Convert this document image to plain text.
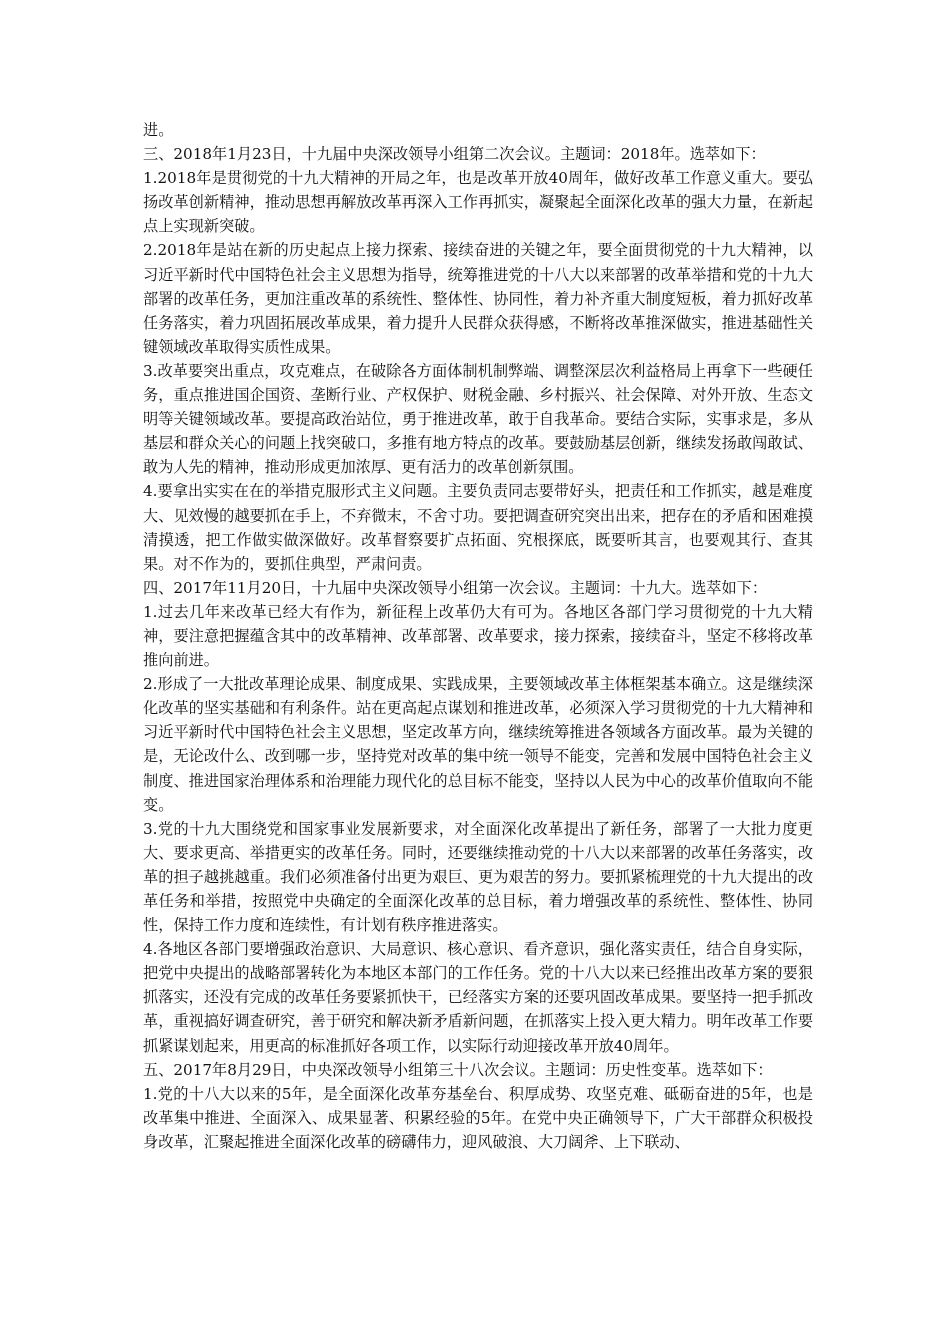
进。

三、2018年1月23日，十九届中央深改领导小组第二次会议。主题词：2018年。选萃如下：

1.2018年是贯彻党的十九大精神的开局之年，也是改革开放40周年，做好改革工作意义重大。要弘扬改革创新精神，推动思想再解放改革再深入工作再抓实，凝聚起全面深化改革的强大力量，在新起点上实现新突破。

2.2018年是站在新的历史起点上接力探索、接续奋进的关键之年，要全面贯彻党的十九大精神，以习近平新时代中国特色社会主义思想为指导，统筹推进党的十八大以来部署的改革举措和党的十九大部署的改革任务，更加注重改革的系统性、整体性、协同性，着力补齐重大制度短板，着力抓好改革任务落实，着力巩固拓展改革成果，着力提升人民群众获得感，不断将改革推深做实，推进基础性关键领域改革取得实质性成果。

3.改革要突出重点，攻克难点，在破除各方面体制机制弊端、调整深层次利益格局上再拿下一些硬任务，重点推进国企国资、垄断行业、产权保护、财税金融、乡村振兴、社会保障、对外开放、生态文明等关键领域改革。要提高政治站位，勇于推进改革，敢于自我革命。要结合实际，实事求是，多从基层和群众关心的问题上找突破口，多推有地方特点的改革。要鼓励基层创新，继续发扬敢闯敢试、敢为人先的精神，推动形成更加浓厚、更有活力的改革创新氛围。

4.要拿出实实在在的举措克服形式主义问题。主要负责同志要带好头，把责任和工作抓实，越是难度大、见效慢的越要抓在手上，不弃微末，不舍寸功。要把调查研究突出出来，把存在的矛盾和困难摸清摸透，把工作做实做深做好。改革督察要扩点拓面、究根探底，既要听其言，也要观其行、查其果。对不作为的，要抓住典型，严肃问责。

四、2017年11月20日，十九届中央深改领导小组第一次会议。主题词：十九大。选萃如下：

1.过去几年来改革已经大有作为，新征程上改革仍大有可为。各地区各部门学习贯彻党的十九大精神，要注意把握蕴含其中的改革精神、改革部署、改革要求，接力探索，接续奋斗，坚定不移将改革推向前进。

2.形成了一大批改革理论成果、制度成果、实践成果，主要领域改革主体框架基本确立。这是继续深化改革的坚实基础和有利条件。站在更高起点谋划和推进改革，必须深入学习贯彻党的十九大精神和习近平新时代中国特色社会主义思想，坚定改革方向，继续统筹推进各领域各方面改革。最为关键的是，无论改什么、改到哪一步，坚持党对改革的集中统一领导不能变，完善和发展中国特色社会主义制度、推进国家治理体系和治理能力现代化的总目标不能变，坚持以人民为中心的改革价值取向不能变。

3.党的十九大围绕党和国家事业发展新要求，对全面深化改革提出了新任务，部署了一大批力度更大、要求更高、举措更实的改革任务。同时，还要继续推动党的十八大以来部署的改革任务落实，改革的担子越挑越重。我们必须准备付出更为艰巨、更为艰苦的努力。要抓紧梳理党的十九大提出的改革任务和举措，按照党中央确定的全面深化改革的总目标，着力增强改革的系统性、整体性、协同性，保持工作力度和连续性，有计划有秩序推进落实。

4.各地区各部门要增强政治意识、大局意识、核心意识、看齐意识，强化落实责任，结合自身实际，把党中央提出的战略部署转化为本地区本部门的工作任务。党的十八大以来已经推出改革方案的要狠抓落实，还没有完成的改革任务要紧抓快干，已经落实方案的还要巩固改革成果。要坚持一把手抓改革，重视搞好调查研究，善于研究和解决新矛盾新问题，在抓落实上投入更大精力。明年改革工作要抓紧谋划起来，用更高的标准抓好各项工作，以实际行动迎接改革开放40周年。

五、2017年8月29日，中央深改领导小组第三十八次会议。主题词：历史性变革。选萃如下：

1.党的十八大以来的5年，是全面深化改革夯基垒台、积厚成势、攻坚克难、砥砺奋进的5年，也是改革集中推进、全面深入、成果显著、积累经验的5年。在党中央正确领导下，广大干部群众积极投身改革，汇聚起推进全面深化改革的磅礴伟力，迎风破浪、大刀阔斧、上下联动、
